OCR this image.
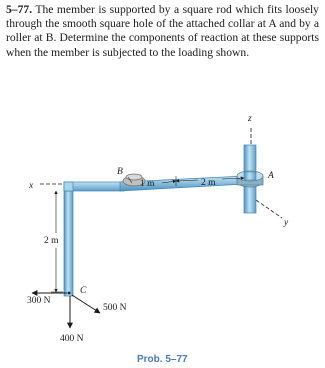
5–77. The member is supported by a square rod which fits loosely through the smooth square hole of the attached collar at A and by a roller at B. Determine the components of reaction at these supports when the member is subjected to the loading shown.

z
x
y
A
B
1 m	2 m
2 m
C
300 N
400 N
500 N
Prob. 5–77
